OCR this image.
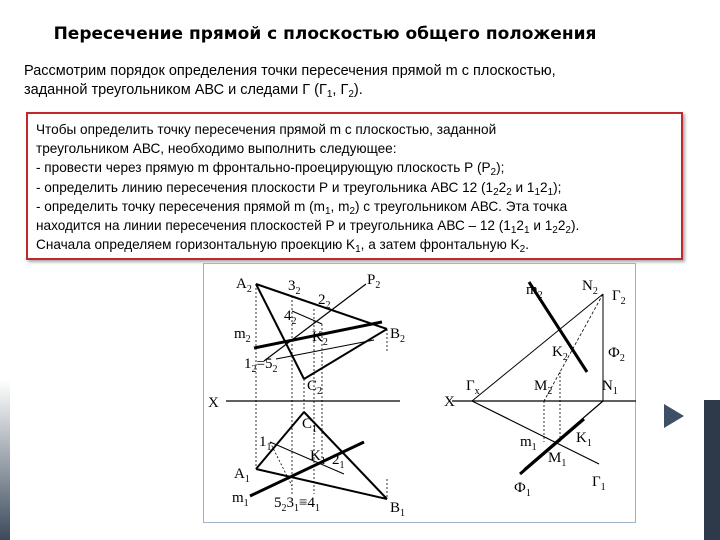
Пересечение прямой с плоскостью общего положения
Рассмотрим порядок определения точки пересечения прямой m с плоскостью,
заданной треугольником АВС и следами Г ($Г_1$, $Г_2$).
Чтобы определить точку пересечения прямой m с плоскостью, заданной
треугольником АВС, необходимо выполнить следующее:
- провести через прямую m фронтально-проецирующую плоскость Р $(Р_2)$;
- определить линию пересечения плоскости Р и треугольника АВС 12 ($1_22_2$ и $1_12_1$);
- определить точку пересечения прямой m ($m_1$, $m_2$) с треугольником АВС. Эта точка
находится на линии пересечения плоскостей Р и треугольника АВС – 12 ($1_12_1$ и $1_22_2$).
Сначала определяем горизонтальную проекцию $K_1$, а затем фронтальную $K_2$.
$A_2$ $3_2$
$2_2$
$P_2$
$4_2$
$K_2$
$m_2$	$B_2$
$1_2=5_2$
$C_2$
X
$C_1$
$1_1$
$K_1$
$A_1$
$2_1$
$m_1$ $5_23_1\equiv 4_1$	$B_1$
$m_2$
$N_2$ $Г_2$
$K_2$	$Ф_2$
X
$Г_x$	$M_2$	$N_1$
$m_1$
$K_1$
$M_1$
$Ф_1$
$Г_1$
